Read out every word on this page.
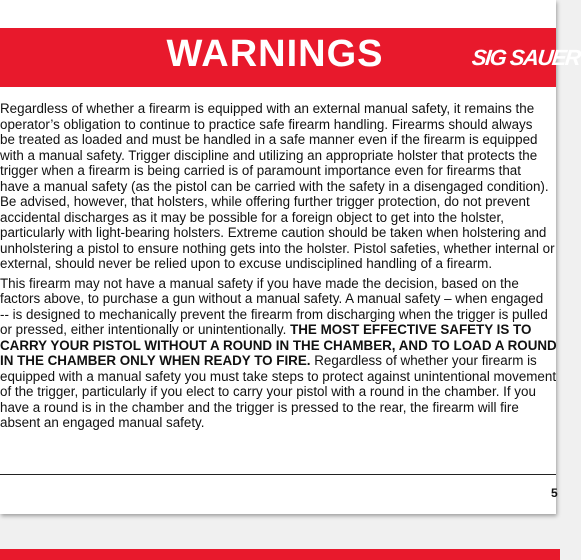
WARNINGS	SIG SAUER
Regardless of whether a firearm is equipped with an external manual safety, it remains the
operator’s obligation to continue to practice safe firearm handling. Firearms should always
be treated as loaded and must be handled in a safe manner even if the firearm is equipped
with a manual safety. Trigger discipline and utilizing an appropriate holster that protects the
trigger when a firearm is being carried is of paramount importance even for firearms that
have a manual safety (as the pistol can be carried with the safety in a disengaged condition).
Be advised, however, that holsters, while offering further trigger protection, do not prevent
accidental discharges as it may be possible for a foreign object to get into the holster,
particularly with light-bearing holsters. Extreme caution should be taken when holstering and
unholstering a pistol to ensure nothing gets into the holster. Pistol safeties, whether internal or
external, should never be relied upon to excuse undisciplined handling of a firearm.
This firearm may not have a manual safety if you have made the decision, based on the
factors above, to purchase a gun without a manual safety. A manual safety – when engaged
-- is designed to mechanically prevent the firearm from discharging when the trigger is pulled
or pressed, either intentionally or unintentionally. THE MOST EFFECTIVE SAFETY IS TO
CARRY YOUR PISTOL WITHOUT A ROUND IN THE CHAMBER, AND TO LOAD A ROUND
IN THE CHAMBER ONLY WHEN READY TO FIRE. Regardless of whether your firearm is
equipped with a manual safety you must take steps to protect against unintentional movement
of the trigger, particularly if you elect to carry your pistol with a round in the chamber. If you
have a round is in the chamber and the trigger is pressed to the rear, the firearm will fire
absent an engaged manual safety.
5
